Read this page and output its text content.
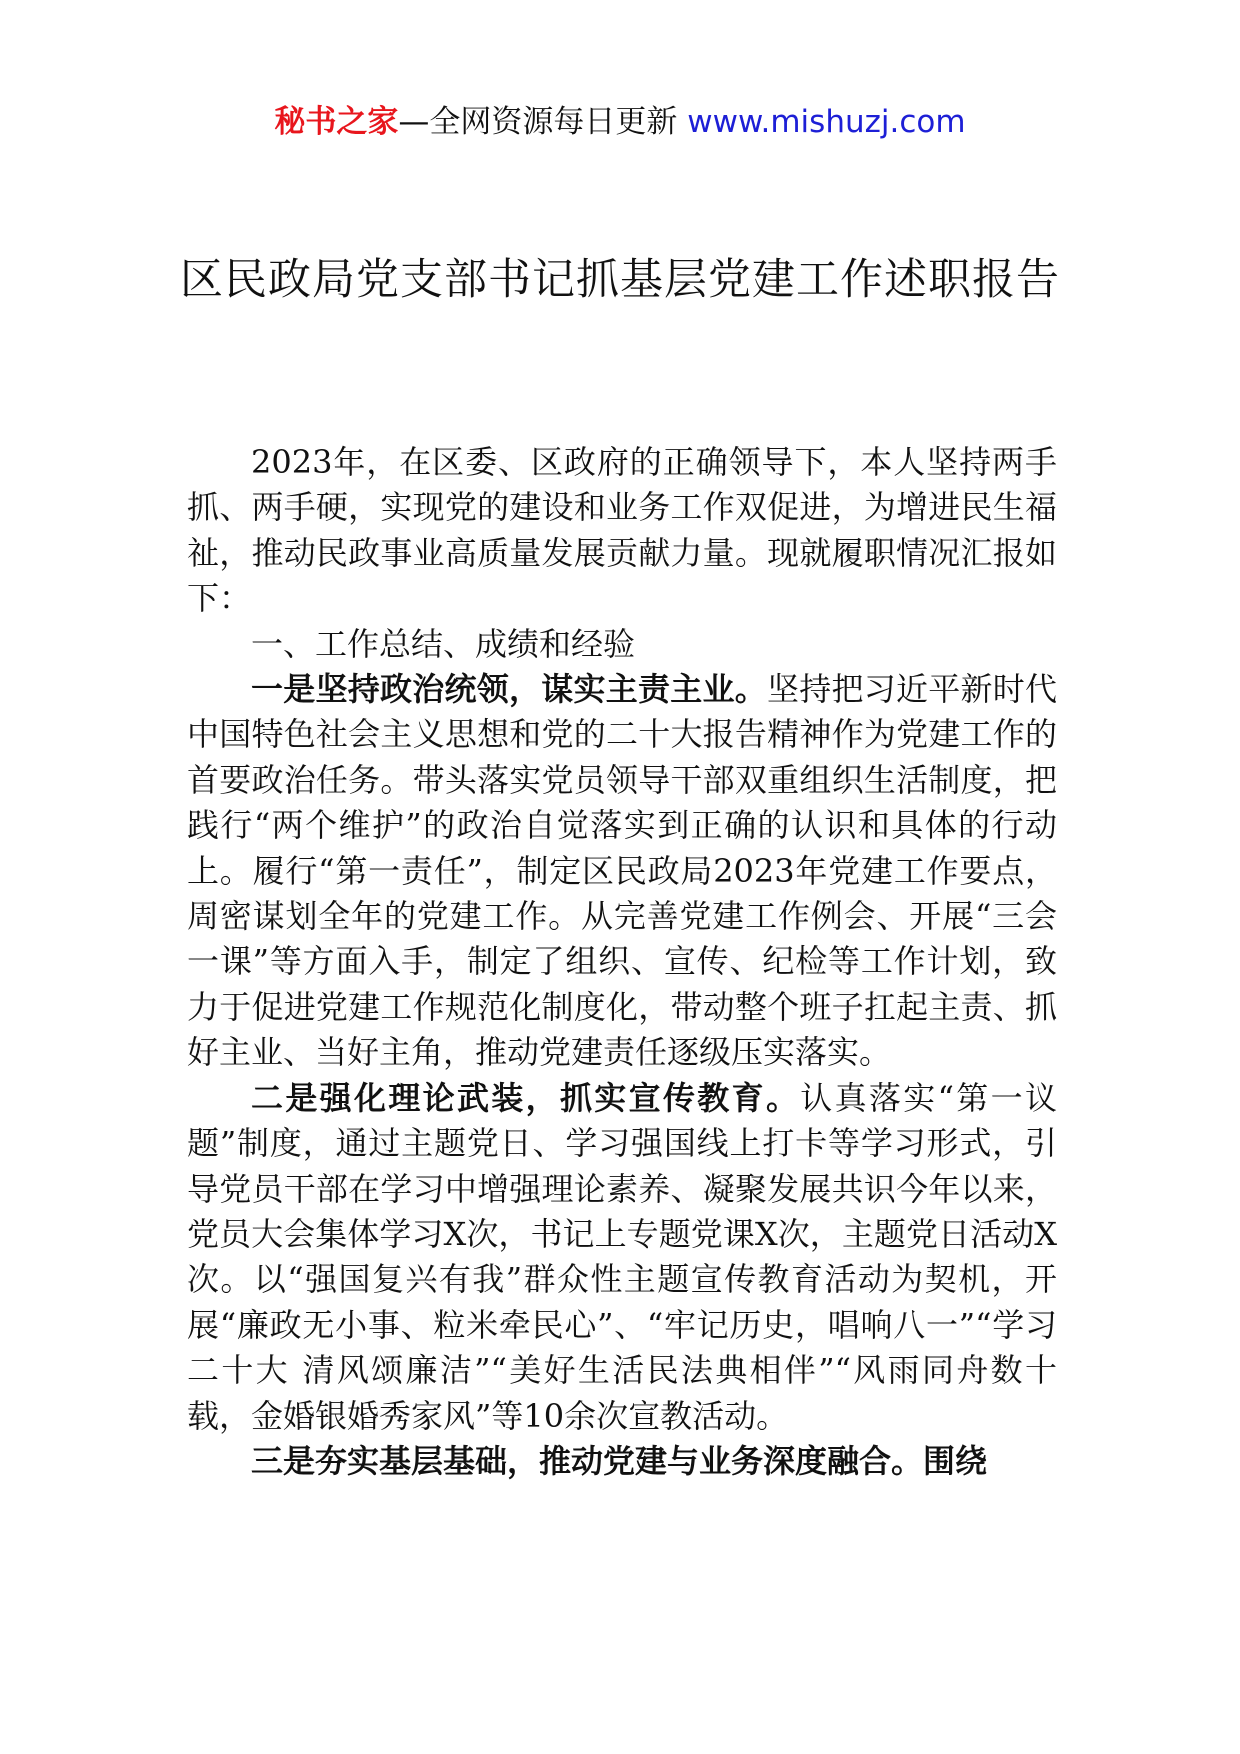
秘书之家—全网资源每日更新 www.mishuzj.com
区民政局党支部书记抓基层党建工作述职报告

2023年，在区委、区政府的正确领导下，本人坚持两手抓、两手硬，实现党的建设和业务工作双促进，为增进民生福祉，推动民政事业高质量发展贡献力量。现就履职情况汇报如下：

一、工作总结、成绩和经验

一是坚持政治统领，谋实主责主业。坚持把习近平新时代中国特色社会主义思想和党的二十大报告精神作为党建工作的首要政治任务。带头落实党员领导干部双重组织生活制度，把践行“两个维护”的政治自觉落实到正确的认识和具体的行动上。履行“第一责任”，制定区民政局2023年党建工作要点，周密谋划全年的党建工作。从完善党建工作例会、开展“三会一课”等方面入手，制定了组织、宣传、纪检等工作计划，致力于促进党建工作规范化制度化，带动整个班子扛起主责、抓好主业、当好主角，推动党建责任逐级压实落实。

二是强化理论武装，抓实宣传教育。认真落实“第一议题”制度，通过主题党日、学习强国线上打卡等学习形式，引导党员干部在学习中增强理论素养、凝聚发展共识今年以来，党员大会集体学习X次，书记上专题党课X次，主题党日活动X次。以“强国复兴有我”群众性主题宣传教育活动为契机，开展“廉政无小事、粒米牵民心”、“牢记历史，唱响八一”“学习二十大 清风颂廉洁”“美好生活民法典相伴”“风雨同舟数十载，金婚银婚秀家风”等10余次宣教活动。

三是夯实基层基础，推动党建与业务深度融合。围绕
